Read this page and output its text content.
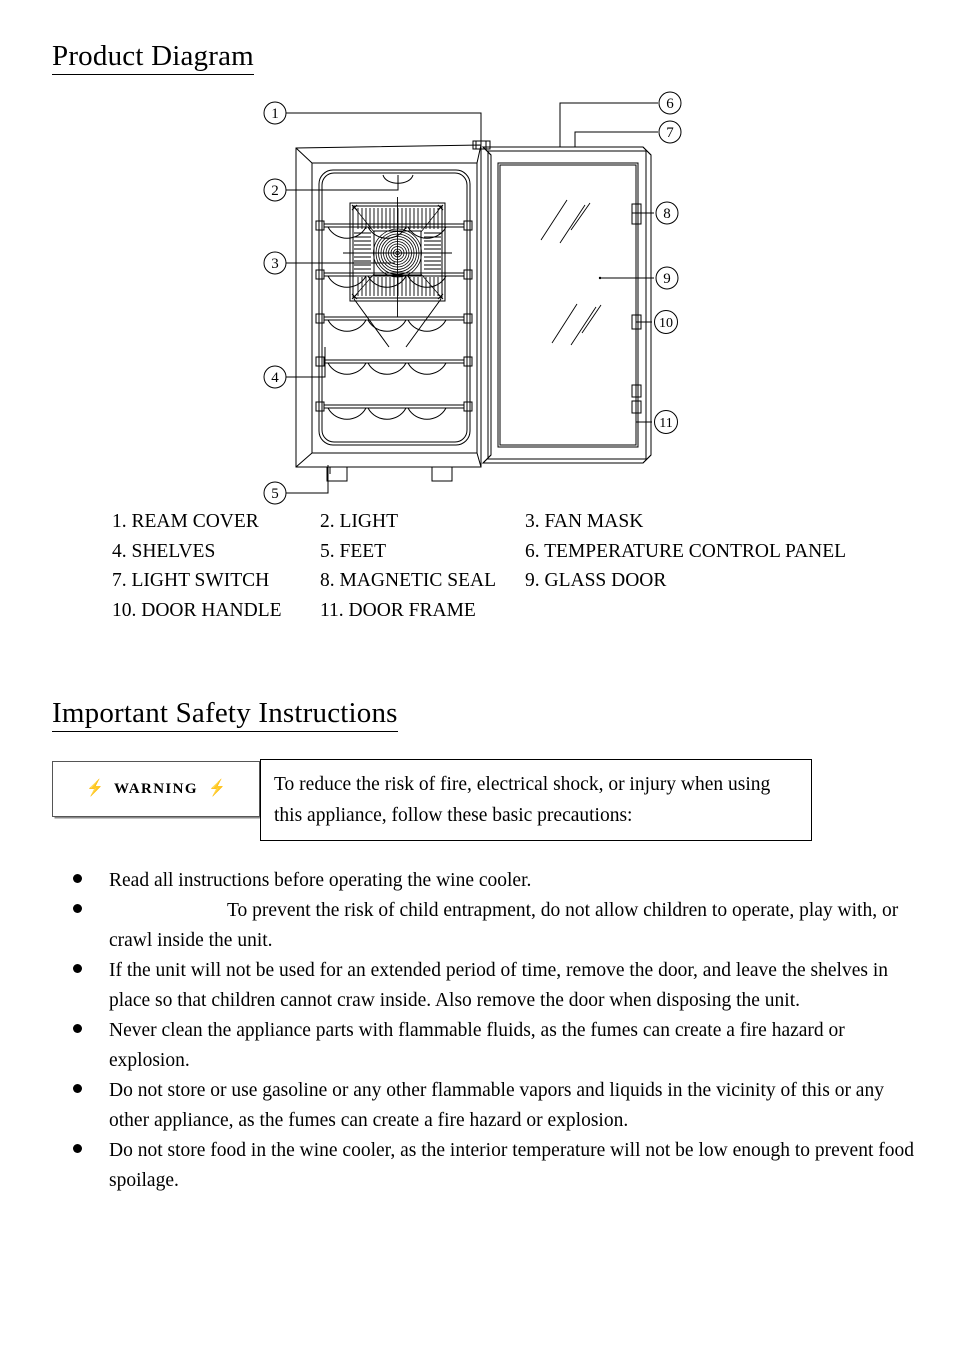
Product Diagram
1
2
3
4
5
6
7
8
9
10
11
1. REAM COVER	2. LIGHT	3. FAN MASK
4. SHELVES	5. FEET	6. TEMPERATURE CONTROL PANEL
7. LIGHT SWITCH	8. MAGNETIC SEAL 9. GLASS DOOR
10. DOOR HANDLE 11. DOOR FRAME
Important Safety Instructions
⚡ WARNING ⚡	To reduce the risk of fire, electrical shock, or injury when using this appliance, follow these basic precautions:
Read all instructions before operating the wine cooler.
To prevent the risk of child entrapment, do not allow children to operate, play with, or crawl inside the unit.
If the unit will not be used for an extended period of time, remove the door, and leave the shelves in place so that children cannot craw inside. Also remove the door when disposing the unit.
Never clean the appliance parts with flammable fluids, as the fumes can create a fire hazard or explosion.
Do not store or use gasoline or any other flammable vapors and liquids in the vicinity of this or any other appliance, as the fumes can create a fire hazard or explosion.
Do not store food in the wine cooler, as the interior temperature will not be low enough to prevent food spoilage.
